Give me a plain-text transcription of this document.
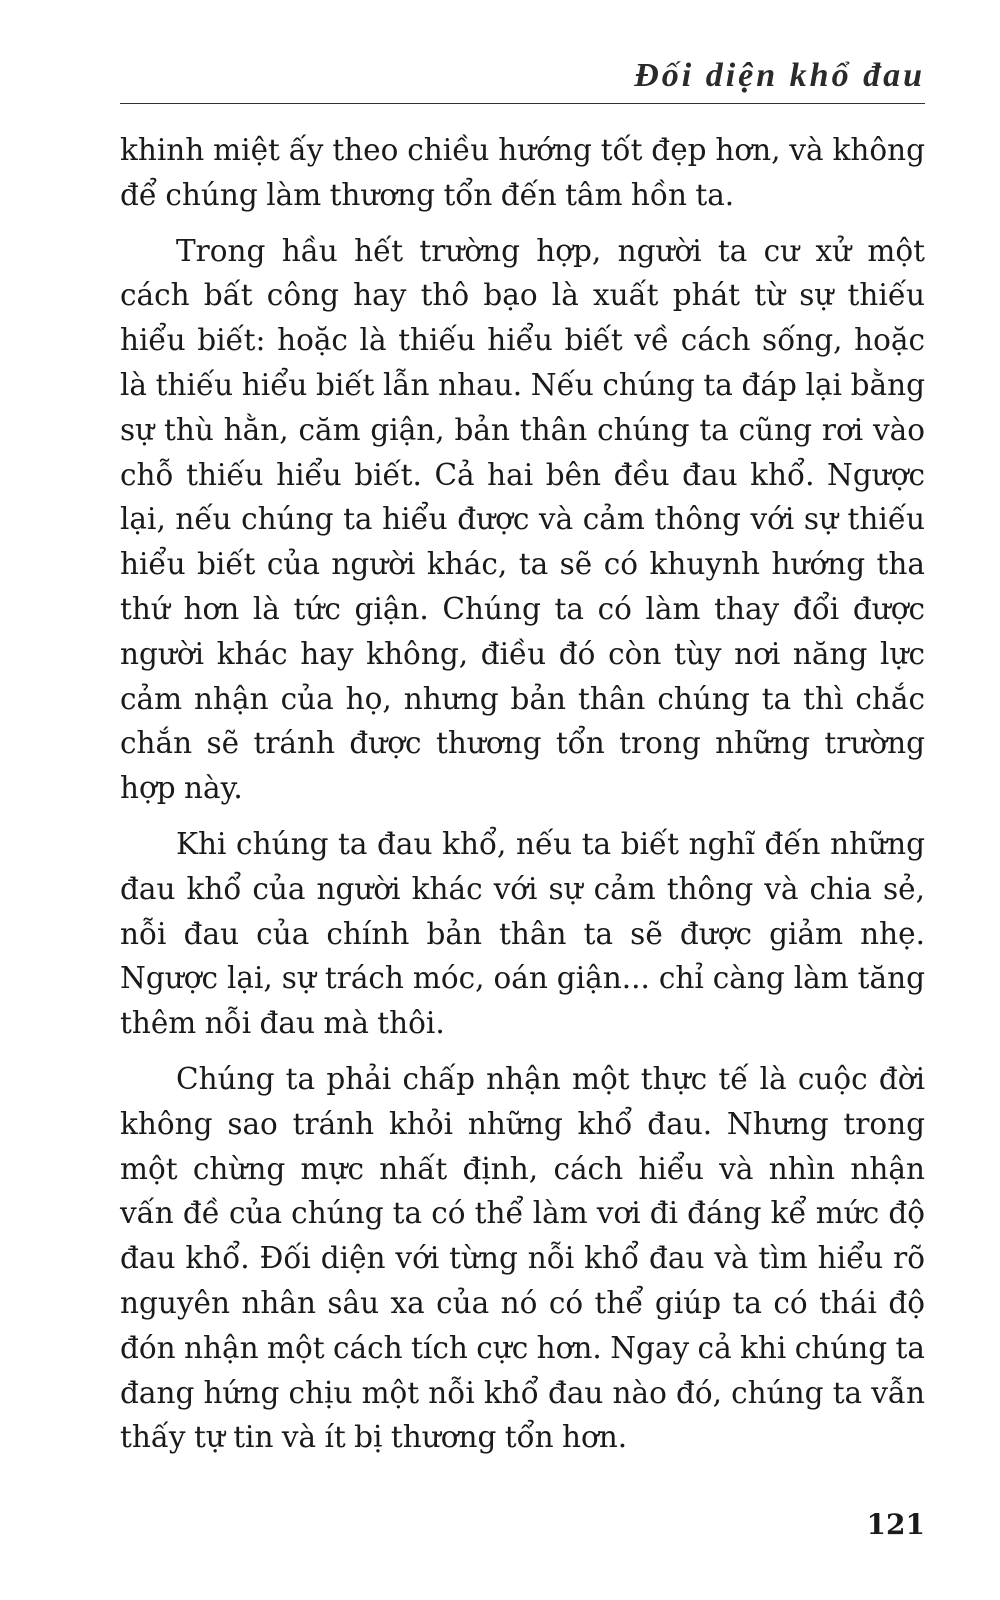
Đối diện khổ đau

khinh miệt ấy theo chiều hướng tốt đẹp hơn, và không để chúng làm thương tổn đến tâm hồn ta.

Trong hầu hết trường hợp, người ta cư xử một cách bất công hay thô bạo là xuất phát từ sự thiếu hiểu biết: hoặc là thiếu hiểu biết về cách sống, hoặc là thiếu hiểu biết lẫn nhau. Nếu chúng ta đáp lại bằng sự thù hằn, căm giận, bản thân chúng ta cũng rơi vào chỗ thiếu hiểu biết. Cả hai bên đều đau khổ. Ngược lại, nếu chúng ta hiểu được và cảm thông với sự thiếu hiểu biết của người khác, ta sẽ có khuynh hướng tha thứ hơn là tức giận. Chúng ta có làm thay đổi được người khác hay không, điều đó còn tùy nơi năng lực cảm nhận của họ, nhưng bản thân chúng ta thì chắc chắn sẽ tránh được thương tổn trong những trường hợp này.

Khi chúng ta đau khổ, nếu ta biết nghĩ đến những đau khổ của người khác với sự cảm thông và chia sẻ, nỗi đau của chính bản thân ta sẽ được giảm nhẹ. Ngược lại, sự trách móc, oán giận... chỉ càng làm tăng thêm nỗi đau mà thôi.

Chúng ta phải chấp nhận một thực tế là cuộc đời không sao tránh khỏi những khổ đau. Nhưng trong một chừng mực nhất định, cách hiểu và nhìn nhận vấn đề của chúng ta có thể làm vơi đi đáng kể mức độ đau khổ. Đối diện với từng nỗi khổ đau và tìm hiểu rõ nguyên nhân sâu xa của nó có thể giúp ta có thái độ đón nhận một cách tích cực hơn. Ngay cả khi chúng ta đang hứng chịu một nỗi khổ đau nào đó, chúng ta vẫn thấy tự tin và ít bị thương tổn hơn.

121
